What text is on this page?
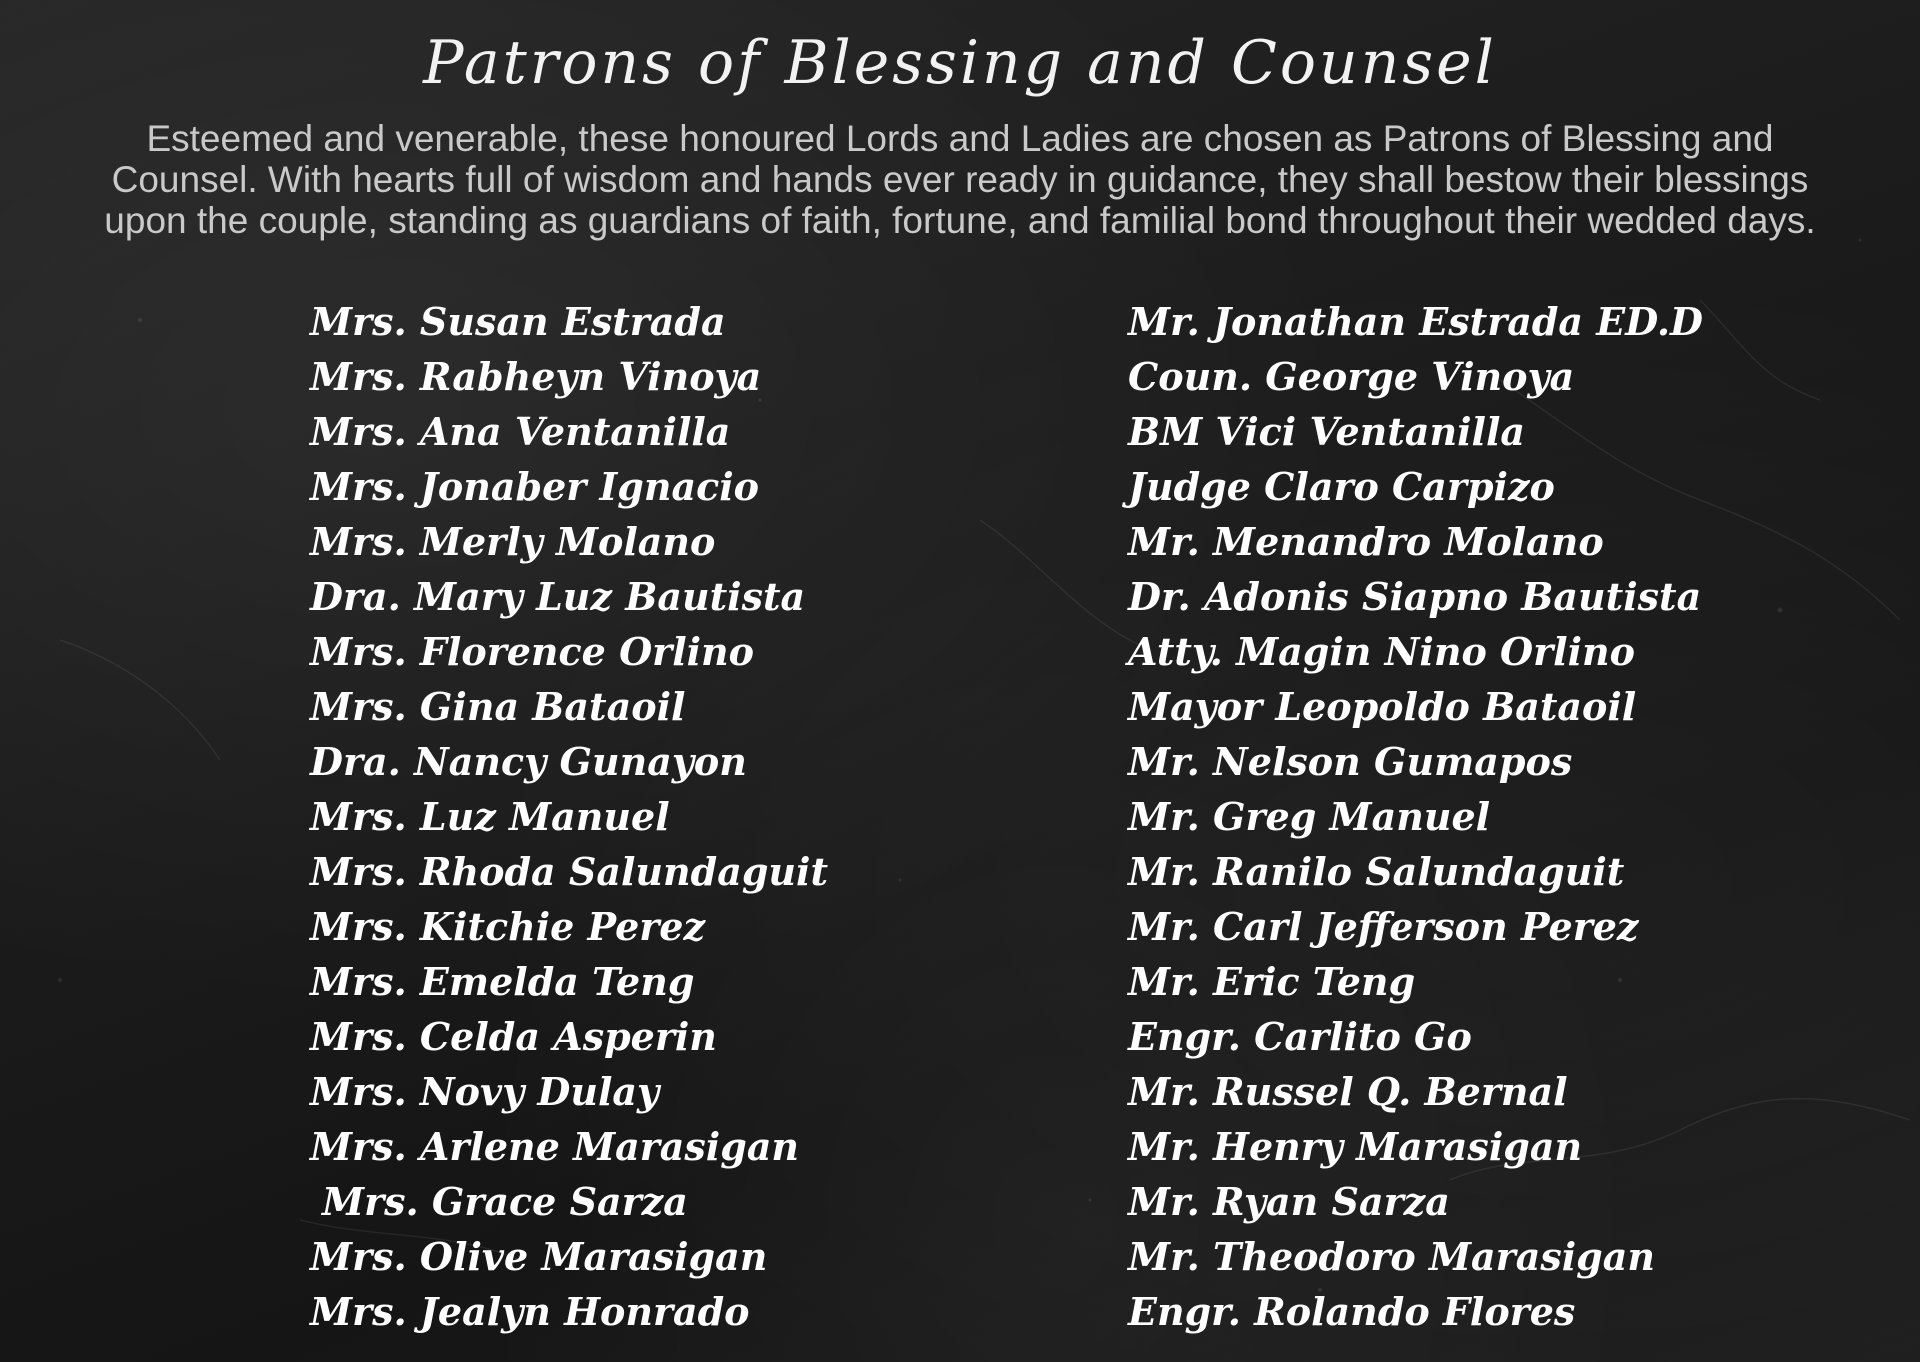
Patrons of Blessing and Counsel

Esteemed and venerable, these honoured Lords and Ladies are chosen as Patrons of Blessing and Counsel. With hearts full of wisdom and hands ever ready in guidance, they shall bestow their blessings upon the couple, standing as guardians of faith, fortune, and familial bond throughout their wedded days.

Mrs. Susan Estrada
Mrs. Rabheyn Vinoya
Mrs. Ana Ventanilla
Mrs. Jonaber Ignacio
Mrs. Merly Molano
Dra. Mary Luz Bautista
Mrs. Florence Orlino
Mrs. Gina Bataoil
Dra. Nancy Gunayon
Mrs. Luz Manuel
Mrs. Rhoda Salundaguit
Mrs. Kitchie Perez
Mrs. Emelda Teng
Mrs. Celda Asperin
Mrs. Novy Dulay
Mrs. Arlene Marasigan
Mrs. Grace Sarza
Mrs. Olive Marasigan
Mrs. Jealyn Honrado
Mr. Jonathan Estrada ED.D
Coun. George Vinoya
BM Vici Ventanilla
Judge Claro Carpizo
Mr. Menandro Molano
Dr. Adonis Siapno Bautista
Atty. Magin Nino Orlino
Mayor Leopoldo Bataoil
Mr. Nelson Gumapos
Mr. Greg Manuel
Mr. Ranilo Salundaguit
Mr. Carl Jefferson Perez
Mr. Eric Teng
Engr. Carlito Go
Mr. Russel Q. Bernal
Mr. Henry Marasigan
Mr. Ryan Sarza
Mr. Theodoro Marasigan
Engr. Rolando Flores
